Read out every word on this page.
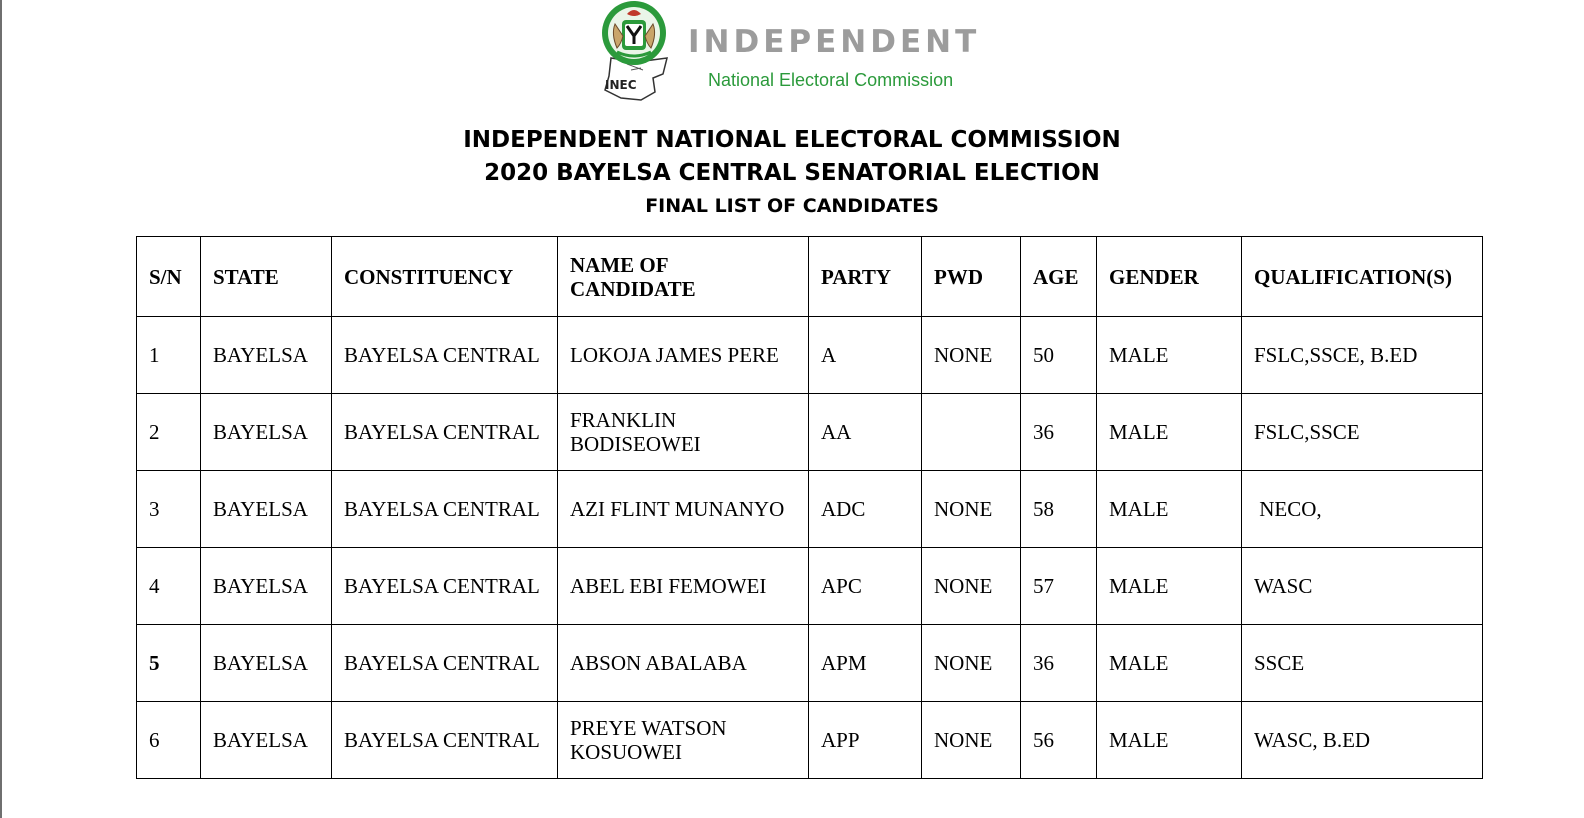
INEC
INDEPENDENT
National Electoral Commission
INDEPENDENT NATIONAL ELECTORAL COMMISSION
2020 BAYELSA CENTRAL SENATORIAL ELECTION
FINAL LIST OF CANDIDATES
S/N	STATE	CONSTITUENCY	NAME OF CANDIDATE	PARTY	PWD	AGE	GENDER	QUALIFICATION(S)
1	BAYELSA	BAYELSA CENTRAL	LOKOJA JAMES PERE	A	NONE	50	MALE	FSLC,SSCE, B.ED
2	BAYELSA	BAYELSA CENTRAL	FRANKLIN BODISEOWEI	AA		36	MALE	FSLC,SSCE
3	BAYELSA	BAYELSA CENTRAL	AZI FLINT MUNANYO	ADC	NONE	58	MALE	NECO,
4	BAYELSA	BAYELSA CENTRAL	ABEL EBI FEMOWEI	APC	NONE	57	MALE	WASC
5	BAYELSA	BAYELSA CENTRAL	ABSON ABALABA	APM	NONE	36	MALE	SSCE
6	BAYELSA	BAYELSA CENTRAL	PREYE WATSON KOSUOWEI	APP	NONE	56	MALE	WASC, B.ED
